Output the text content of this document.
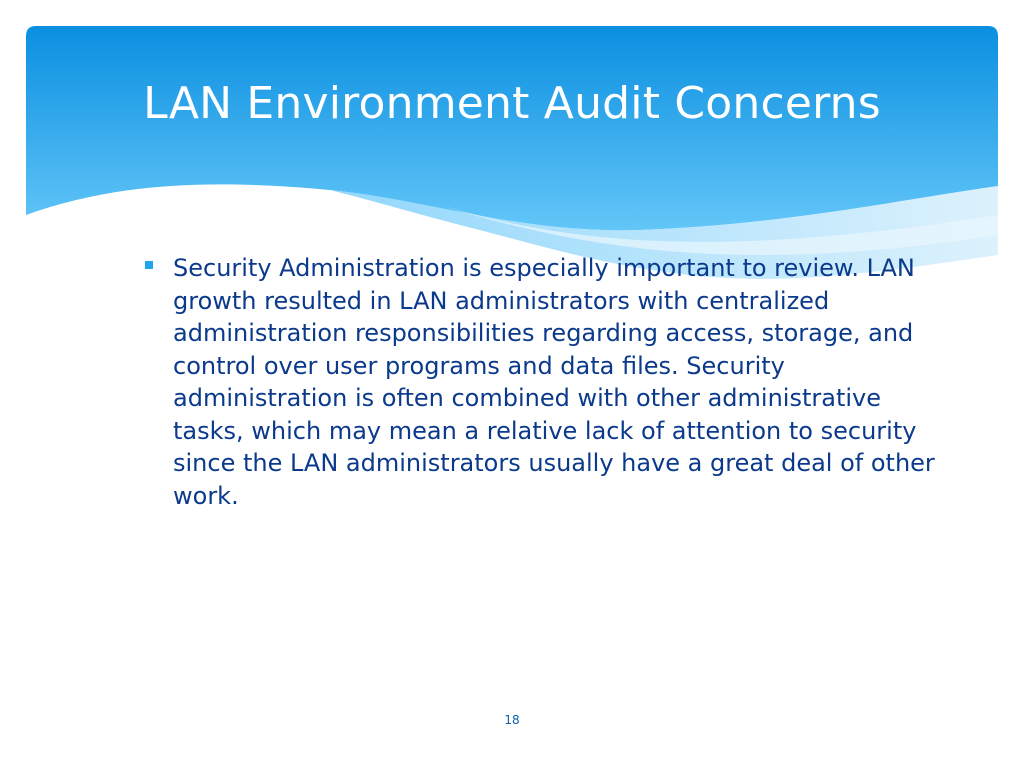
LAN Environment Audit Concerns

Security Administration is especially important to review. LAN growth resulted in LAN administrators with centralized administration responsibilities regarding access, storage, and control over user programs and data files. Security administration is often combined with other administrative tasks, which may mean a relative lack of attention to security since the LAN administrators usually have a great deal of other work.

18
